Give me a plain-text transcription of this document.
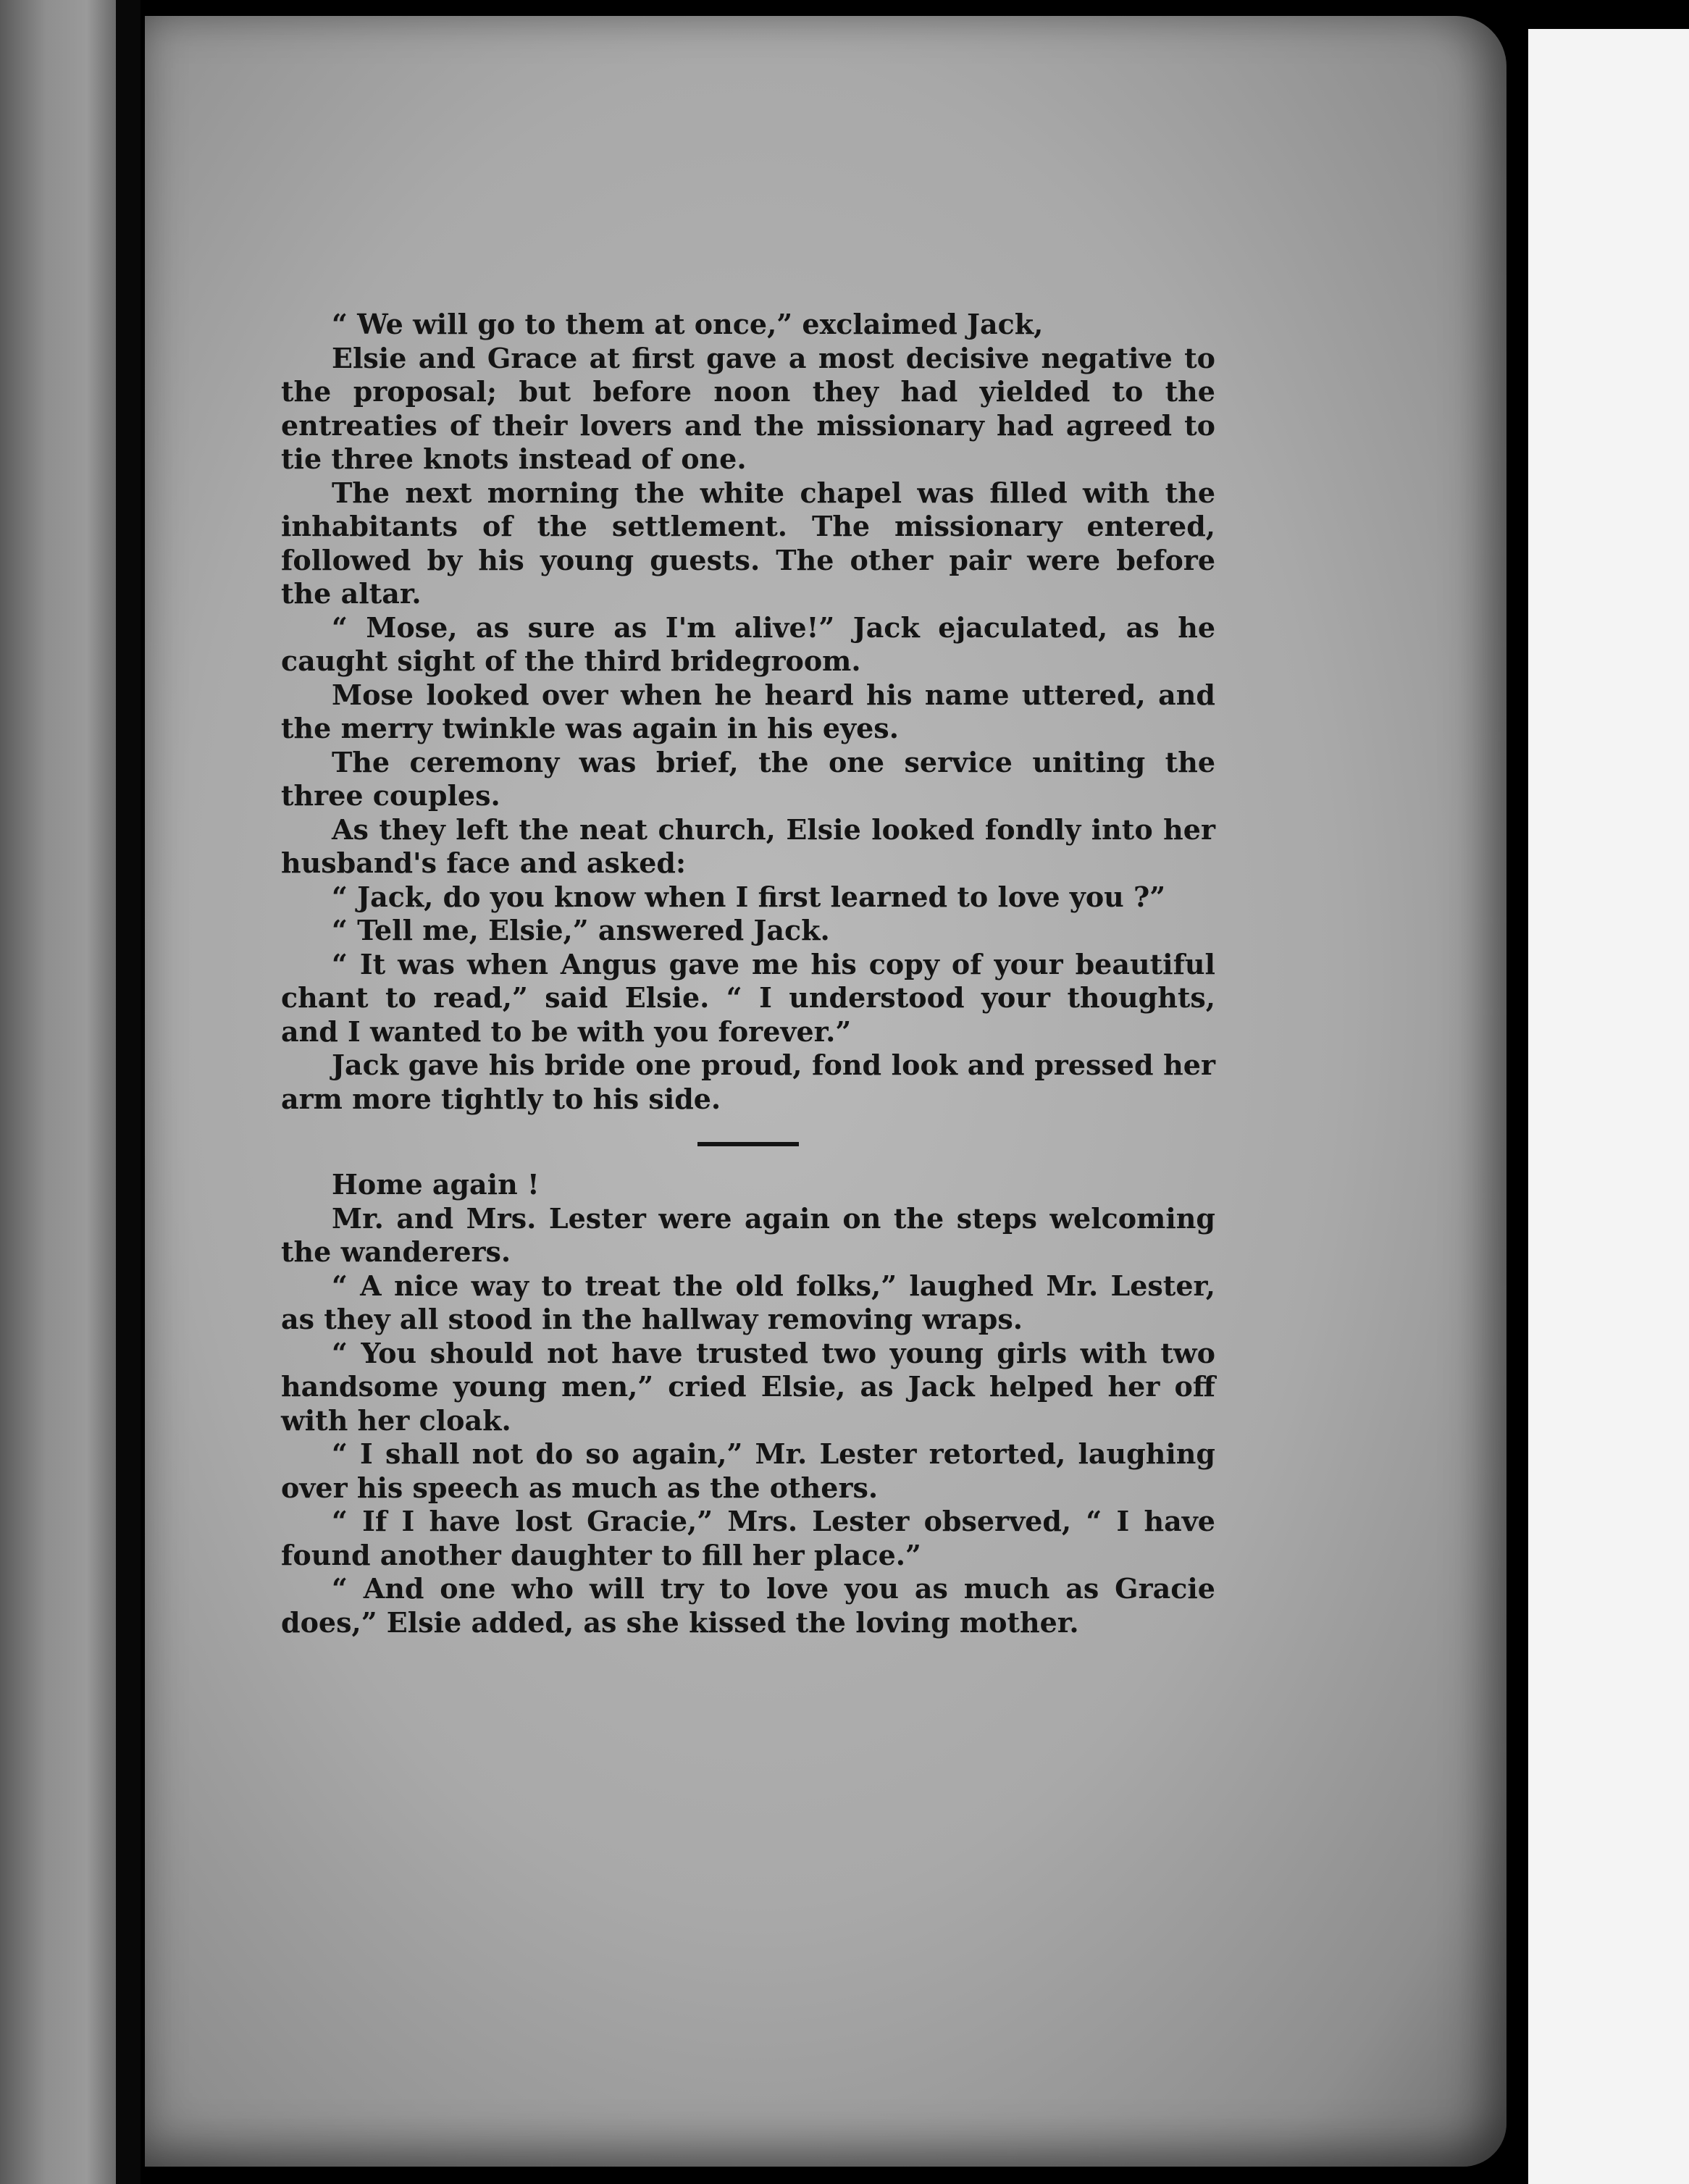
“ We will go to them at once,” exclaimed Jack,

Elsie and Grace at first gave a most decisive negative to the proposal; but before noon they had yielded to the entreaties of their lovers and the missionary had agreed to tie three knots instead of one.

The next morning the white chapel was filled with the inhabitants of the settlement. The missionary entered, followed by his young guests. The other pair were before the altar.

“ Mose, as sure as I'm alive!” Jack ejaculated, as he caught sight of the third bridegroom.

Mose looked over when he heard his name uttered, and the merry twinkle was again in his eyes.

The ceremony was brief, the one service uniting the three couples.

As they left the neat church, Elsie looked fondly into her husband's face and asked:

“ Jack, do you know when I first learned to love you ?”

“ Tell me, Elsie,” answered Jack.

“ It was when Angus gave me his copy of your beautiful chant to read,” said Elsie. “ I understood your thoughts, and I wanted to be with you forever.”

Jack gave his bride one proud, fond look and pressed her arm more tightly to his side.

Home again !

Mr. and Mrs. Lester were again on the steps welcoming the wanderers.

“ A nice way to treat the old folks,” laughed Mr. Lester, as they all stood in the hallway removing wraps.

“ You should not have trusted two young girls with two handsome young men,” cried Elsie, as Jack helped her off with her cloak.

“ I shall not do so again,” Mr. Lester retorted, laughing over his speech as much as the others.

“ If I have lost Gracie,” Mrs. Lester observed, “ I have found another daughter to fill her place.”

“ And one who will try to love you as much as Gracie does,” Elsie added, as she kissed the loving mother.
